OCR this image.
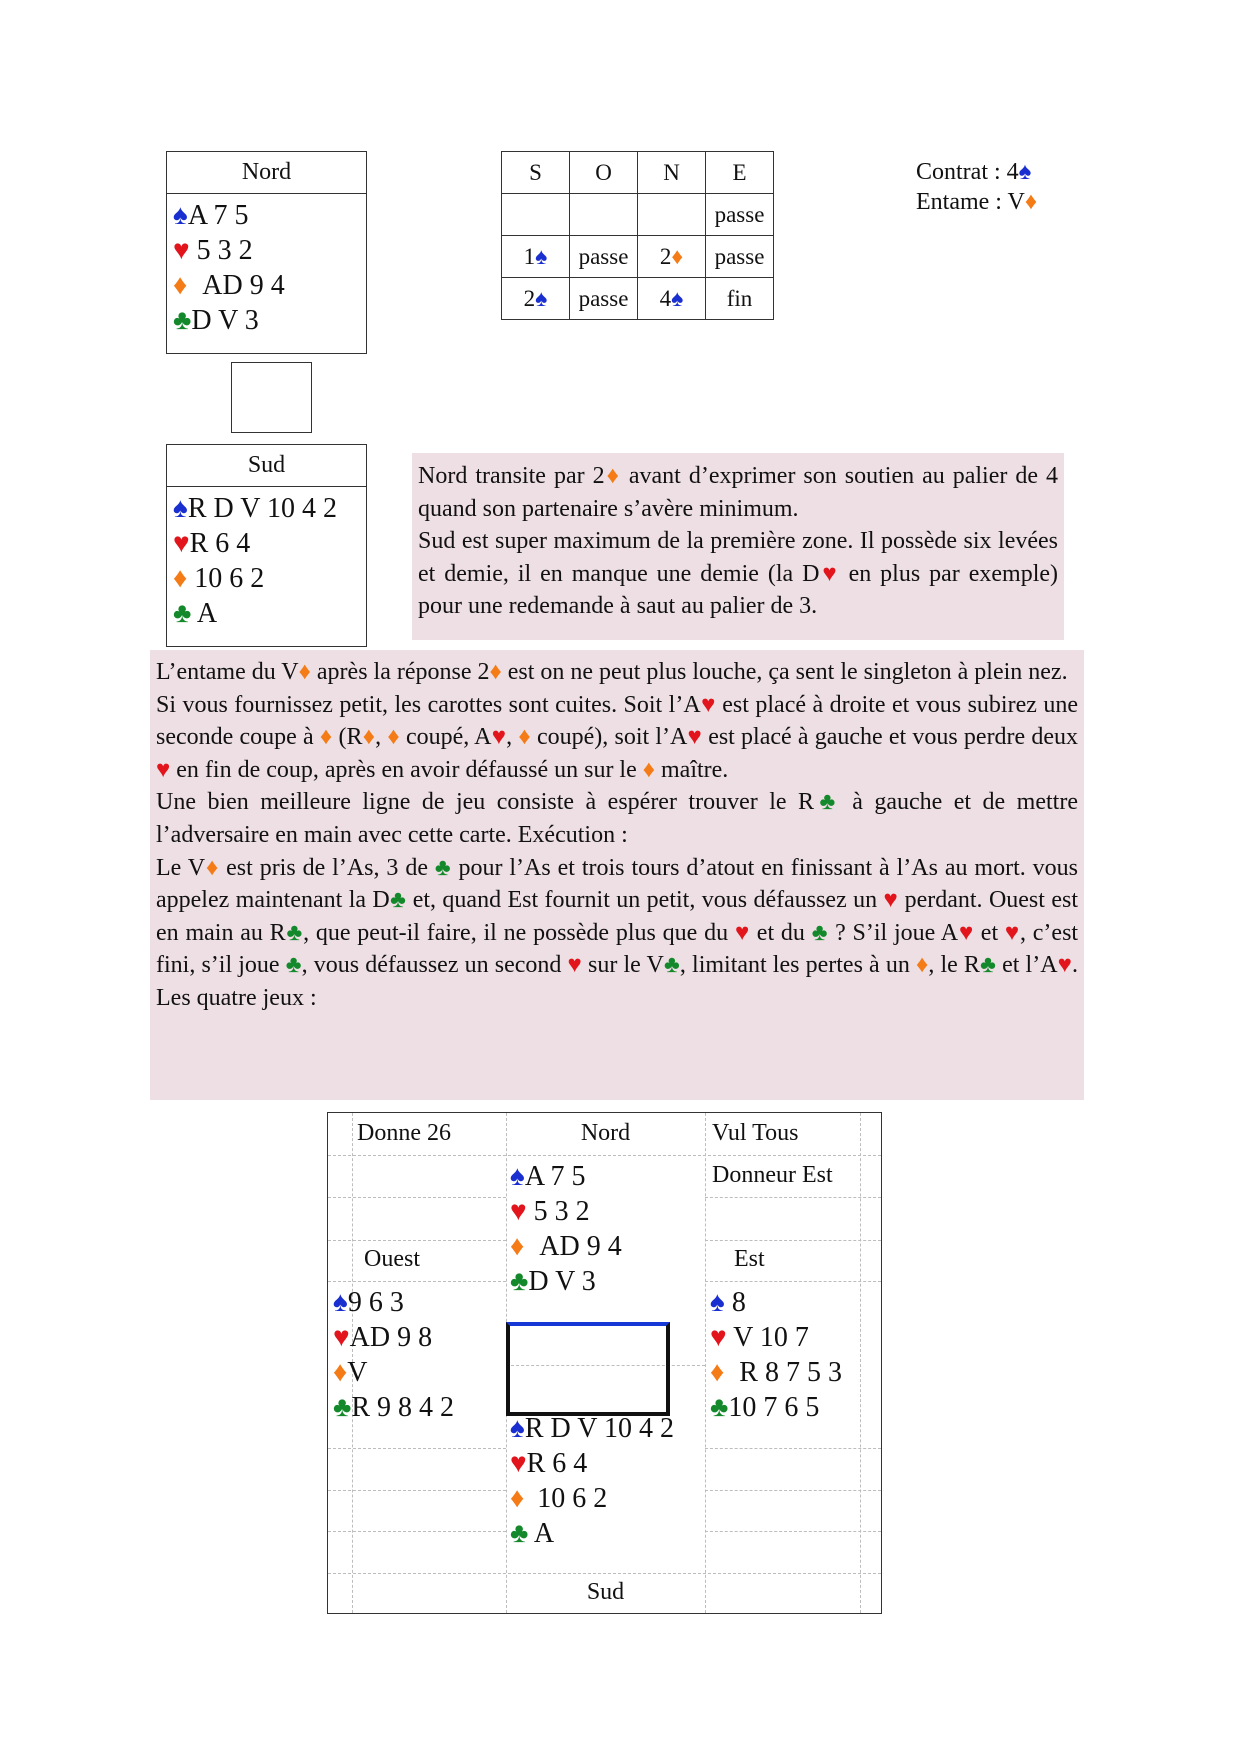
Nord
♠A 7 5
♥ 5 3 2
♦ AD 9 4
♣D V 3
Sud
♠R D V 10 4 2
♥R 6 4
♦ 10 6 2
♣ A
S	O	N	E
			passe
1♠	passe	2♦	passe
2♠	passe	4♠	fin
Contrat : 4♠
Entame : V♦

Nord transite par 2♦ avant d’exprimer son soutien au palier de 4 quand son partenaire s’avère minimum.

Sud est super maximum de la première zone. Il possède six levées et demie, il en manque une demie (la D♥ en plus par exemple) pour une redemande à saut au palier de 3.

L’entame du V♦ après la réponse 2♦ est on ne peut plus louche, ça sent le singleton à plein nez.

Si vous fournissez petit, les carottes sont cuites. Soit l’A♥ est placé à droite et vous subirez une seconde coupe à ♦ (R♦, ♦ coupé, A♥, ♦ coupé), soit l’A♥ est placé à gauche et vous perdre deux ♥ en fin de coup, après en avoir défaussé un sur le ♦ maître.

Une bien meilleure ligne de jeu consiste à espérer trouver le R♣ à gauche et de mettre l’adversaire en main avec cette carte. Exécution :

Le V♦ est pris de l’As, 3 de ♣ pour l’As et trois tours d’atout en finissant à l’As au mort. vous appelez maintenant la D♣ et, quand Est fournit un petit, vous défaussez un ♥ perdant. Ouest est en main au R♣, que peut-il faire, il ne possède plus que du ♥ et du ♣ ? S’il joue A♥ et ♥, c’est fini, s’il joue ♣, vous défaussez un second ♥ sur le V♣, limitant les pertes à un ♦, le R♣ et l’A♥. Les quatre jeux :

Donne 26	Nord	Vul Tous
Donneur Est
Ouest	Est
Sud
♠A 7 5
♥ 5 3 2
♦ AD 9 4
♣D V 3
♠9 6 3
♥AD 9 8
♦V
♣R 9 8 4 2
♠ 8
♥ V 10 7
♦ R 8 7 5 3
♣10 7 6 5
♠R D V 10 4 2
♥R 6 4
♦ 10 6 2
♣ A
